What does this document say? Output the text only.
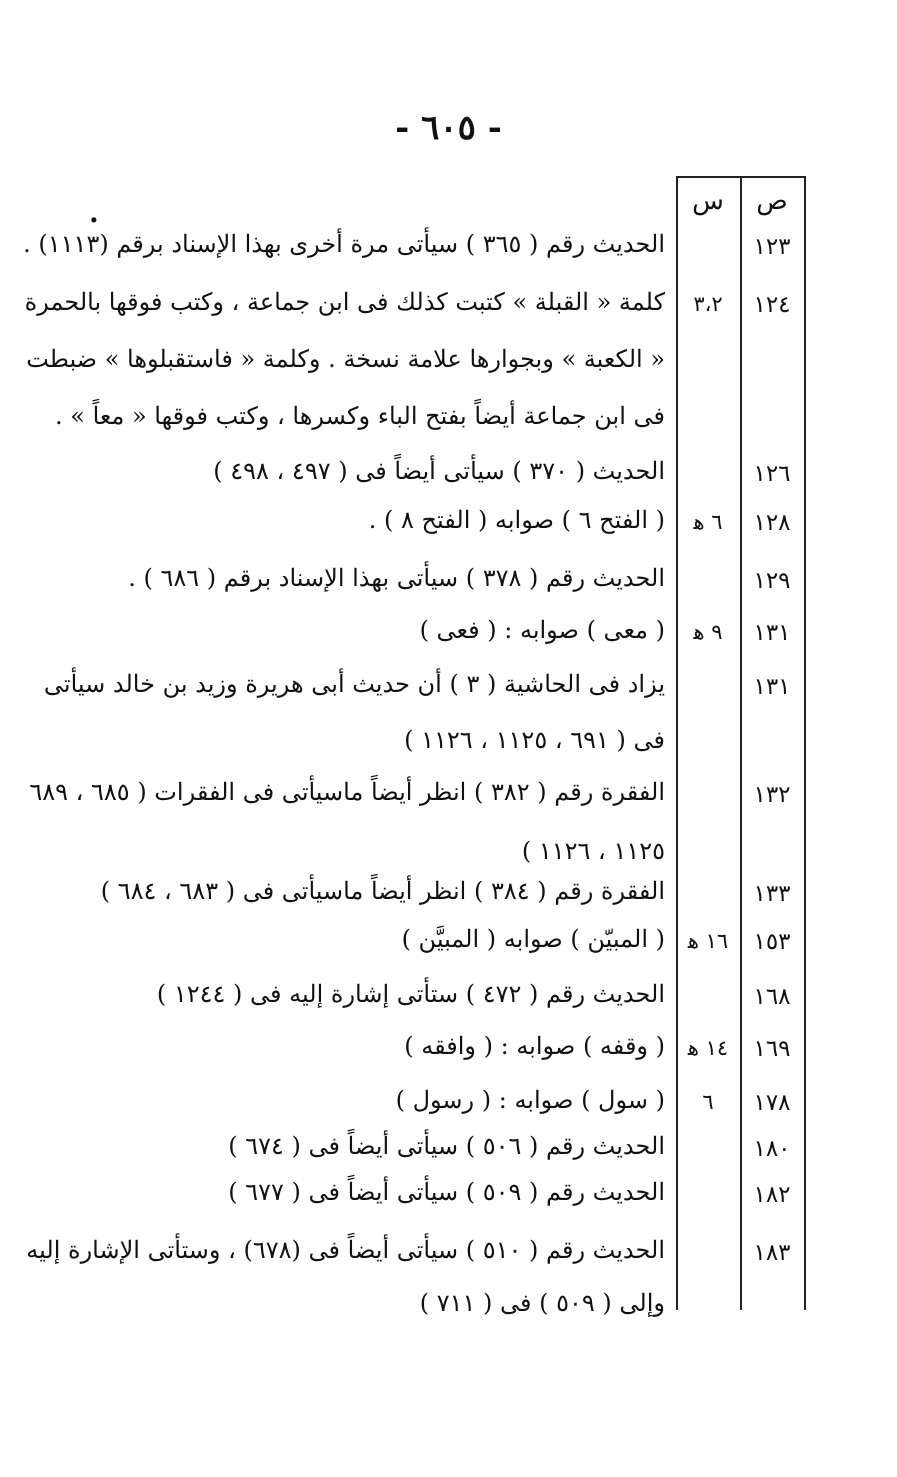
- ٦٠٥ -
ص
س
.
١٢٣
الحديث رقم ( ٣٦٥ ) سيأتى مرة أخرى بهذا الإسناد برقم (١١١٣) .
١٢٤
٣،٢
كلمة « القبلة » كتبت كذلك فى ابن جماعة ، وكتب فوقها بالحمرة
« الكعبة » وبجوارها علامة نسخة . وكلمة « فاستقبلوها » ضبطت
فى ابن جماعة أيضاً بفتح الباء وكسرها ، وكتب فوقها « معاً » .
١٢٦
الحديث ( ٣٧٠ ) سيأتى أيضاً فى ( ٤٩٧ ، ٤٩٨ )
١٢٨
٦ ﻫ
( الفتح ٦ ) صوابه ( الفتح ٨ ) .
١٢٩
الحديث رقم ( ٣٧٨ ) سيأتى بهذا الإسناد برقم ( ٦٨٦ ) .
١٣١
٩ ﻫ
( معى ) صوابه : ( فعى )
١٣١
يزاد فى الحاشية ( ٣ ) أن حديث أبى هريرة وزيد بن خالد سيأتى
فى ( ٦٩١ ، ١١٢٥ ، ١١٢٦ )
١٣٢
الفقرة رقم ( ٣٨٢ ) انظر أيضاً ماسيأتى فى الفقرات ( ٦٨٥ ، ٦٨٩
١١٢٥ ، ١١٢٦ )
١٣٣
الفقرة رقم ( ٣٨٤ ) انظر أيضاً ماسيأتى فى ( ٦٨٣ ، ٦٨٤ )
١٥٣
١٦ ﻫ
( المبيّن ) صوابه ( المبيَّن )
١٦٨
الحديث رقم ( ٤٧٢ ) ستأتى إشارة إليه فى ( ١٢٤٤ )
١٦٩
١٤ ﻫ
( وقفه ) صوابه : ( وافقه )
١٧٨
٦
( سول ) صوابه : ( رسول )
١٨٠
الحديث رقم ( ٥٠٦ ) سيأتى أيضاً فى ( ٦٧٤ )
١٨٢
الحديث رقم ( ٥٠٩ ) سيأتى أيضاً فى ( ٦٧٧ )
١٨٣
الحديث رقم ( ٥١٠ ) سيأتى أيضاً فى (٦٧٨) ، وستأتى الإشارة إليه
وإلى ( ٥٠٩ ) فى ( ٧١١ )
